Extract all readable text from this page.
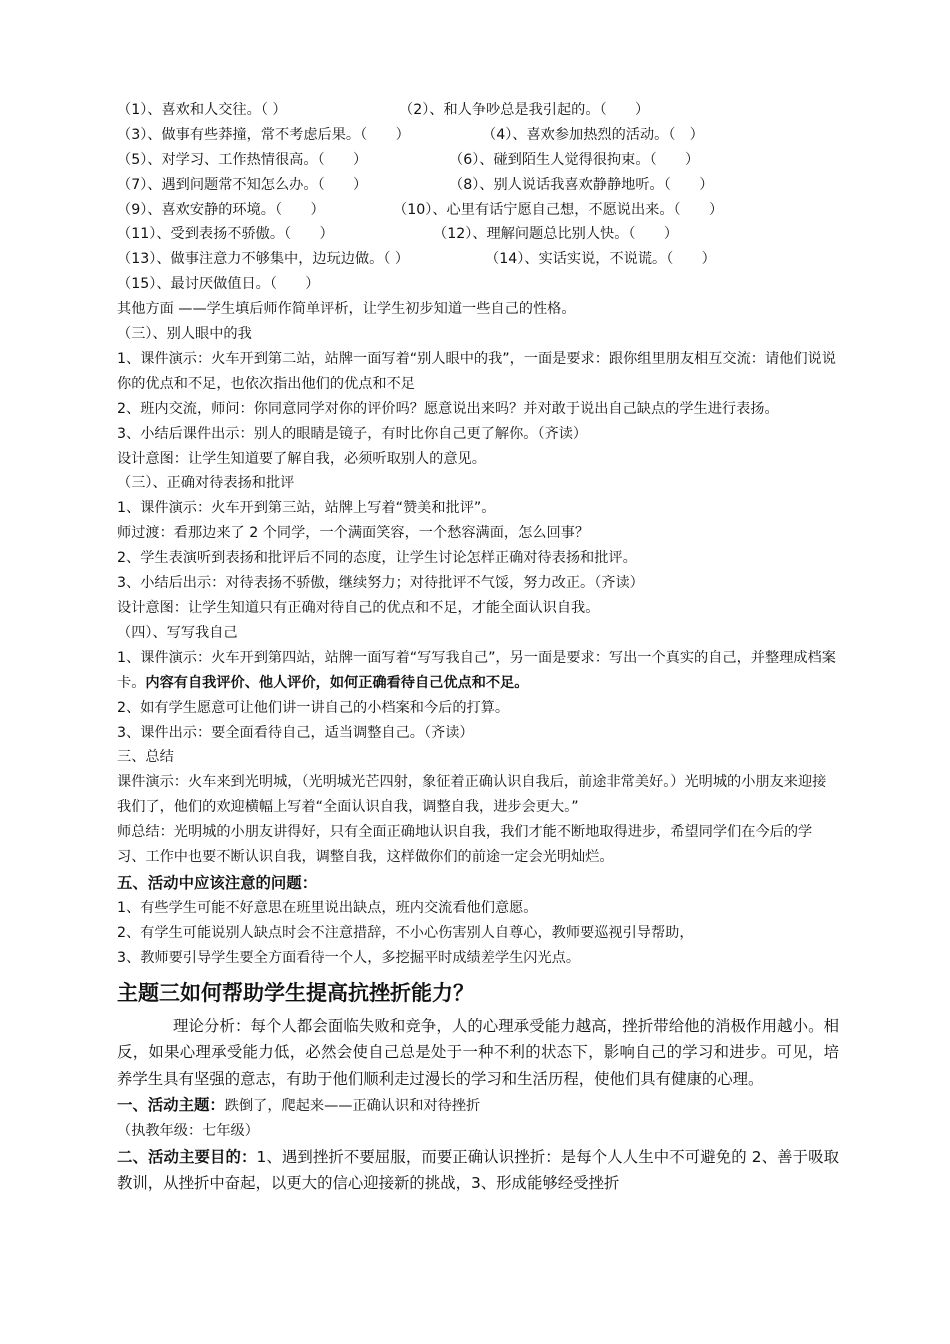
（1）、喜欢和人交往。（ ）	（2）、和人争吵总是我引起的。（　　）
（3）、做事有些莽撞，常不考虑后果。（　　）	（4）、喜欢参加热烈的活动。（　）
（5）、对学习、工作热情很高。（　　）	（6）、碰到陌生人觉得很拘束。（　　）
（7）、遇到问题常不知怎么办。（　　）	（8）、别人说话我喜欢静静地听。（　　）
（9）、喜欢安静的环境。（　　）	（10）、心里有话宁愿自己想，不愿说出来。（　　）
（11）、受到表扬不骄傲。（　　）	（12）、理解问题总比别人快。（　　）
（13）、做事注意力不够集中，边玩边做。（ ）	（14）、实话实说，不说谎。（　　）
（15）、最讨厌做值日。（　　）
其他方面 ——学生填后师作简单评析，让学生初步知道一些自己的性格。
（三）、别人眼中的我
1、课件演示：火车开到第二站，站牌一面写着“别人眼中的我”，一面是要求：跟你组里朋友相互交流：请他们说说你的优点和不足，也依次指出他们的优点和不足
2、班内交流，师问：你同意同学对你的评价吗？愿意说出来吗？并对敢于说出自己缺点的学生进行表扬。
3、小结后课件出示：别人的眼睛是镜子，有时比你自己更了解你。（齐读）
设计意图：让学生知道要了解自我，必须听取别人的意见。
（三）、正确对待表扬和批评
1、课件演示：火车开到第三站，站牌上写着“赞美和批评”。
师过渡：看那边来了 2 个同学，一个满面笑容，一个愁容满面，怎么回事？
2、学生表演听到表扬和批评后不同的态度，让学生讨论怎样正确对待表扬和批评。
3、小结后出示：对待表扬不骄傲，继续努力；对待批评不气馁，努力改正。（齐读）
设计意图：让学生知道只有正确对待自己的优点和不足，才能全面认识自我。
（四）、写写我自己
1、课件演示：火车开到第四站，站牌一面写着“写写我自己”，另一面是要求：写出一个真实的自己，并整理成档案卡。内容有自我评价、他人评价，如何正确看待自己优点和不足。
2、如有学生愿意可让他们讲一讲自己的小档案和今后的打算。
3、课件出示：要全面看待自己，适当调整自己。（齐读）
三、总结
课件演示：火车来到光明城，（光明城光芒四射，象征着正确认识自我后，前途非常美好。）光明城的小朋友来迎接我们了，他们的欢迎横幅上写着“全面认识自我，调整自我，进步会更大。”
师总结：光明城的小朋友讲得好，只有全面正确地认识自我，我们才能不断地取得进步，希望同学们在今后的学习、工作中也要不断认识自我，调整自我，这样做你们的前途一定会光明灿烂。
五、活动中应该注意的问题：
1、有些学生可能不好意思在班里说出缺点，班内交流看他们意愿。
2、有学生可能说别人缺点时会不注意措辞，不小心伤害别人自尊心，教师要巡视引导帮助，
3、教师要引导学生要全方面看待一个人，多挖掘平时成绩差学生闪光点。
主题三如何帮助学生提高抗挫折能力？
理论分析：每个人都会面临失败和竞争，人的心理承受能力越高，挫折带给他的消极作用越小。相反，如果心理承受能力低，必然会使自己总是处于一种不利的状态下，影响自己的学习和进步。可见，培养学生具有坚强的意志，有助于他们顺利走过漫长的学习和生活历程，使他们具有健康的心理。
一、活动主题：跌倒了，爬起来——正确认识和对待挫折
（执教年级：七年级）
二、活动主要目的：1、遇到挫折不要屈服，而要正确认识挫折：是每个人人生中不可避免的 2、善于吸取教训，从挫折中奋起，以更大的信心迎接新的挑战，3、形成能够经受挫折
